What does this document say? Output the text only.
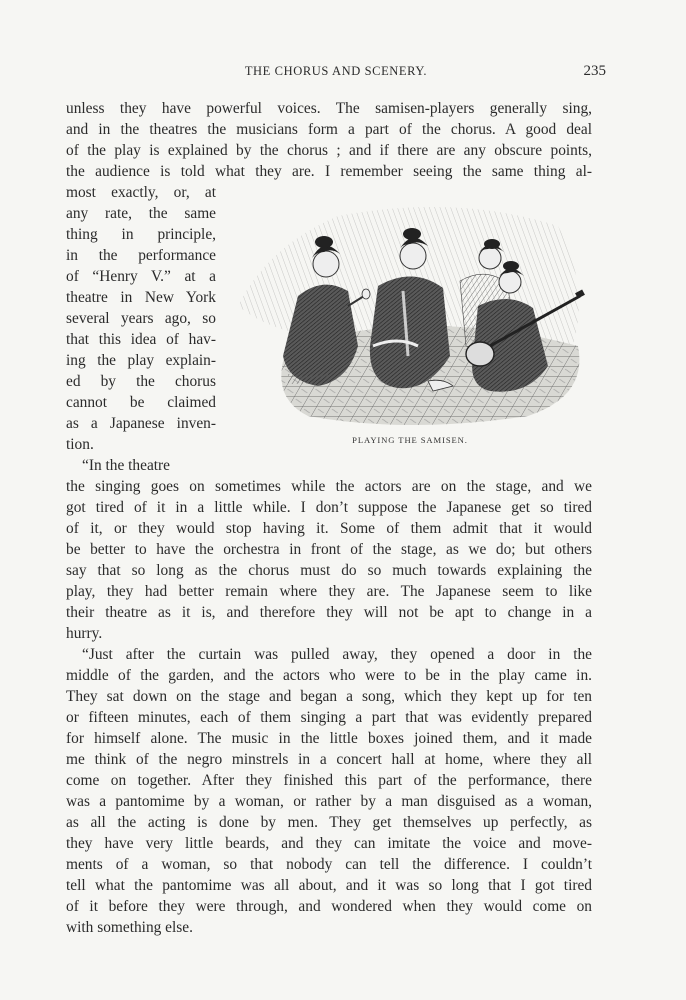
THE CHORUS AND SCENERY.	235
unless they have powerful voices. The samisen-players generally sing,
and in the theatres the musicians form a part of the chorus. A good deal
of the play is explained by the chorus ; and if there are any obscure points,
the audience is told what they are. I remember seeing the same thing al-
most exactly, or, at
any rate, the same
thing in principle,
in the performance
of “Henry V.” at a
theatre in New York
several years ago, so
that this idea of hav-
ing the play explain-
ed by the chorus
cannot be claimed
as a Japanese inven-
tion.
“In the theatre
the singing goes on sometimes while the actors are on the stage, and we
got tired of it in a little while. I don’t suppose the Japanese get so tired
of it, or they would stop having it. Some of them admit that it would
be better to have the orchestra in front of the stage, as we do; but others
say that so long as the chorus must do so much towards explaining the
play, they had better remain where they are. The Japanese seem to like
their theatre as it is, and therefore they will not be apt to change in a
hurry.
“Just after the curtain was pulled away, they opened a door in the
middle of the garden, and the actors who were to be in the play came in.
They sat down on the stage and began a song, which they kept up for ten
or fifteen minutes, each of them singing a part that was evidently prepared
for himself alone. The music in the little boxes joined them, and it made
me think of the negro minstrels in a concert hall at home, where they all
come on together. After they finished this part of the performance, there
was a pantomime by a woman, or rather by a man disguised as a woman,
as all the acting is done by men. They get themselves up perfectly, as
they have very little beards, and they can imitate the voice and move-
ments of a woman, so that nobody can tell the difference. I couldn’t
tell what the pantomime was all about, and it was so long that I got tired
of it before they were through, and wondered when they would come on
with something else.
PLAYING THE SAMISEN.
